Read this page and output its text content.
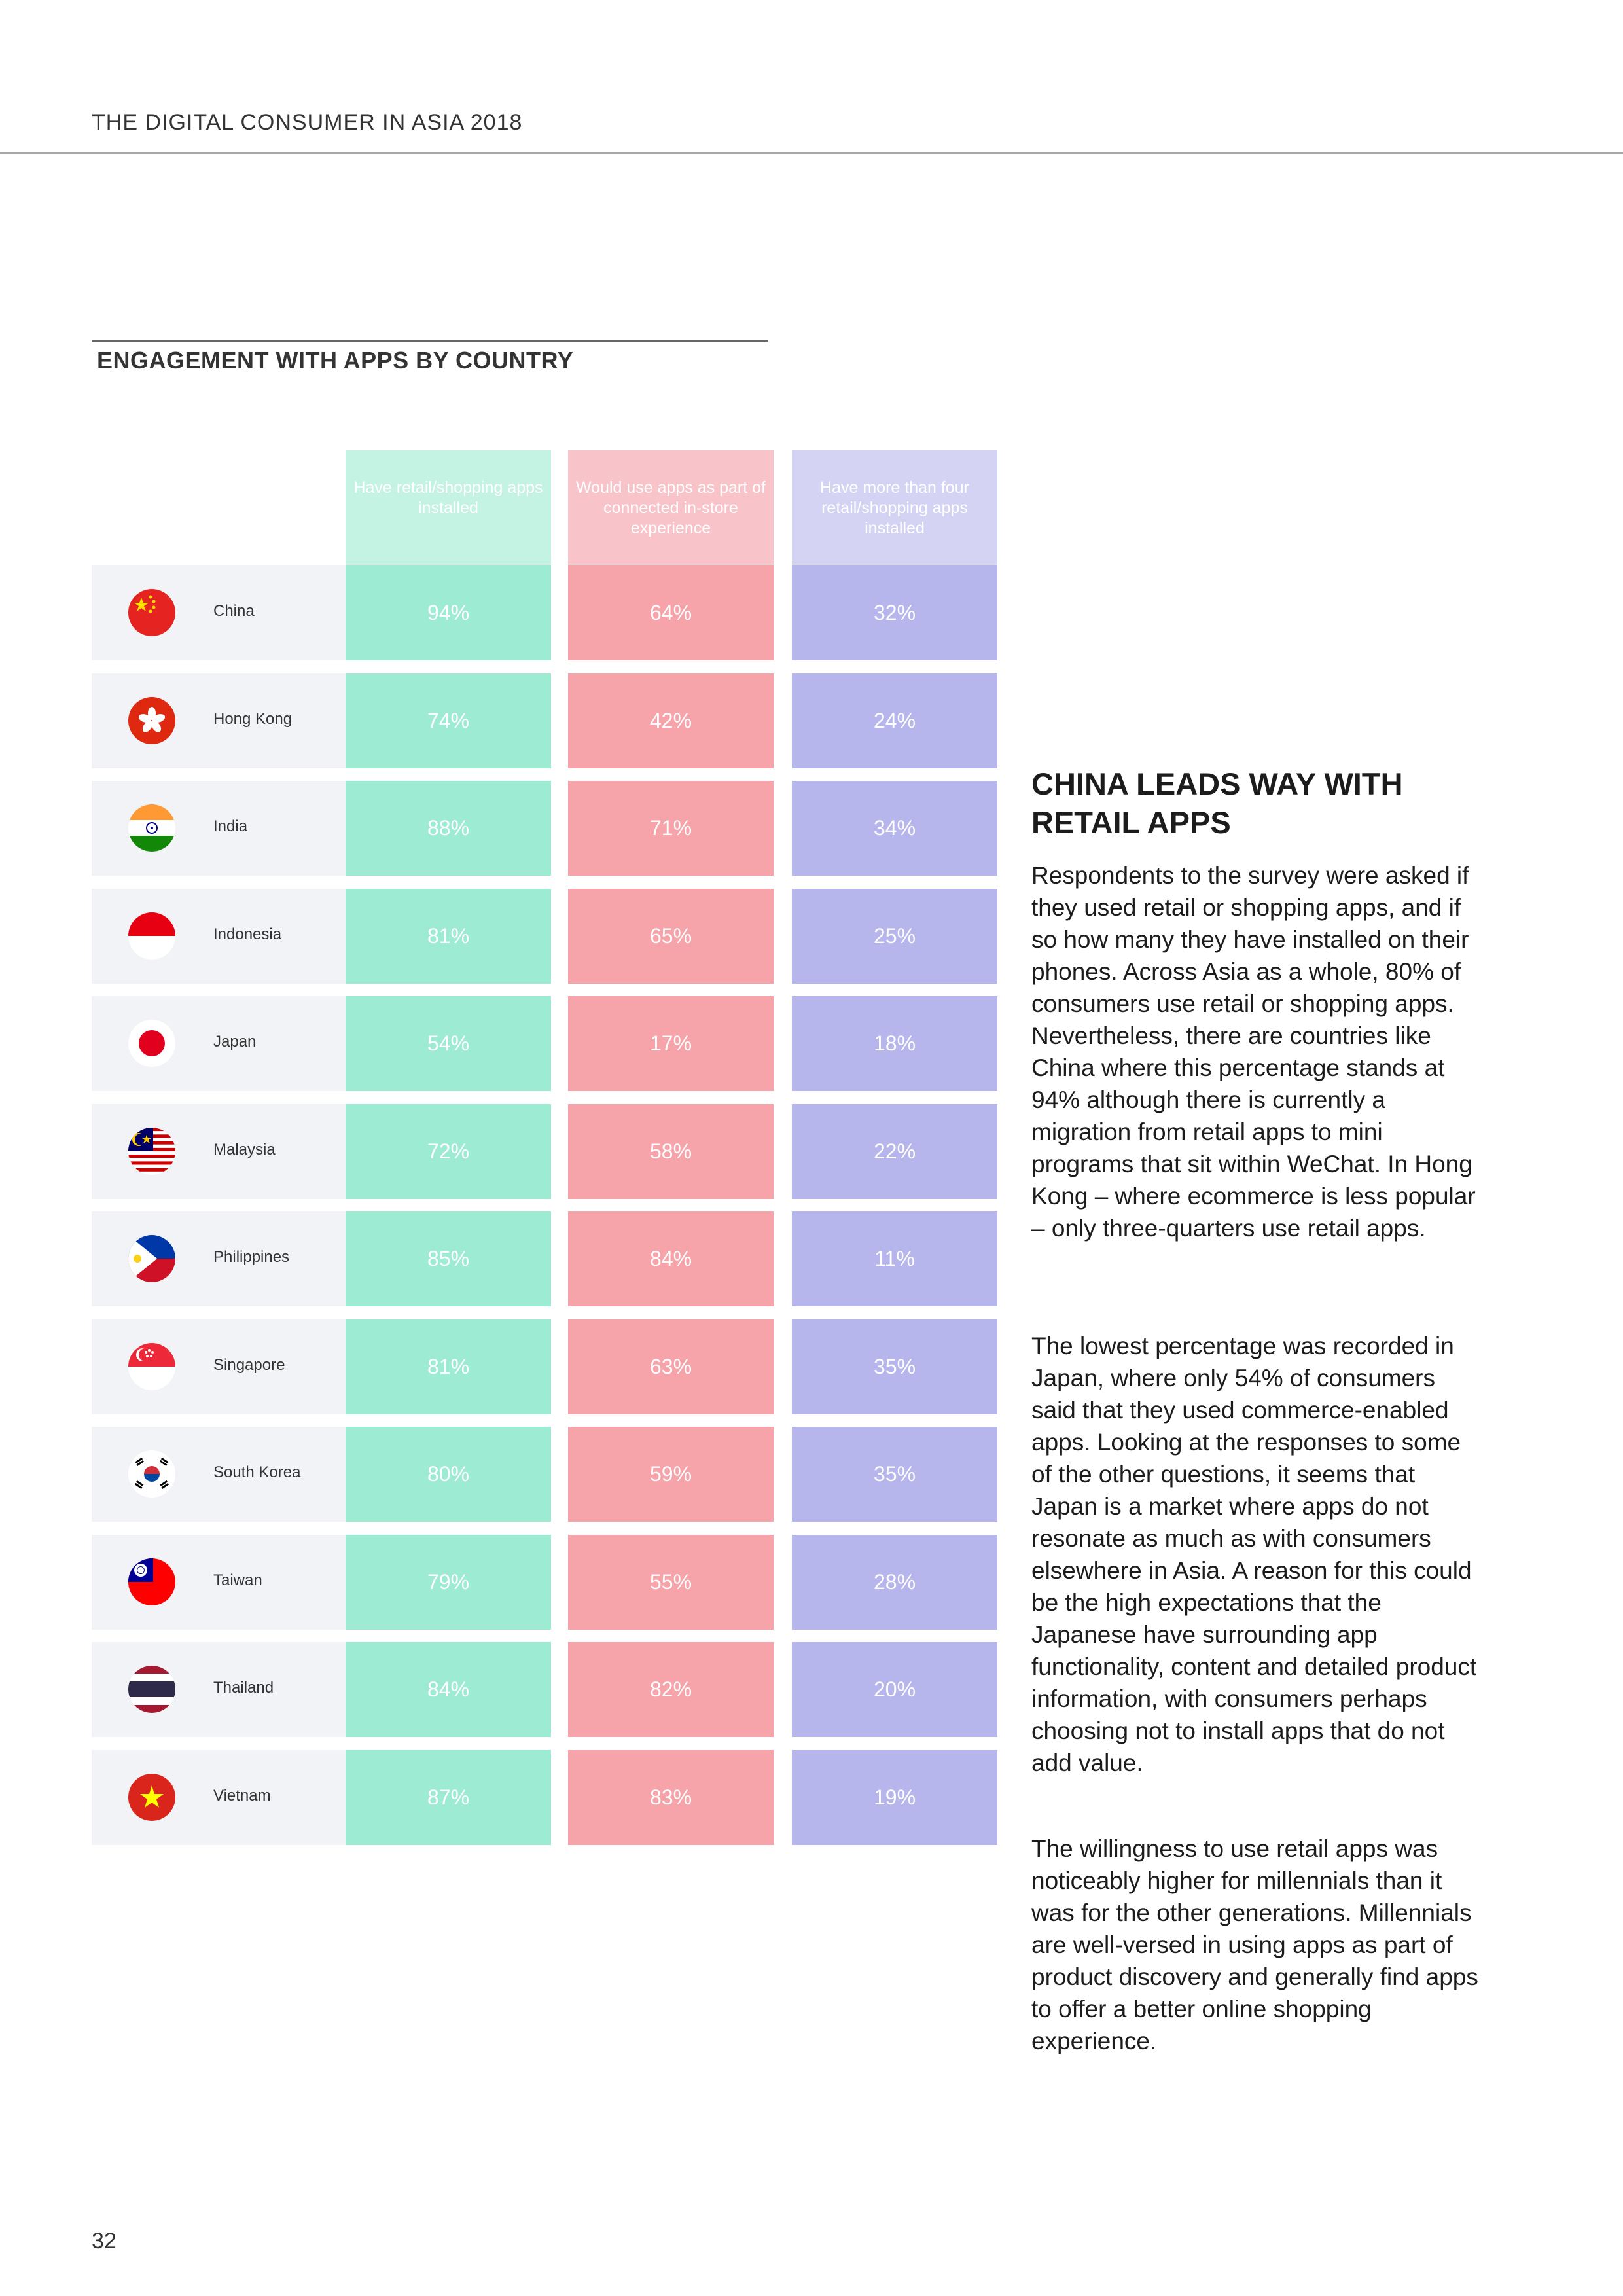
THE DIGITAL CONSUMER IN ASIA 2018
ENGAGEMENT WITH APPS BY COUNTRY
Have retail/shopping apps installed
Would use apps as part of connected in-store experience
Have more than four retail/shopping apps installed
China	94%	64%	32%
Hong Kong	74%	42%	24%
India	88%	71%	34%
Indonesia	81%	65%	25%
Japan	54%	17%	18%
Malaysia	72%	58%	22%
Philippines	85%	84%	11%
Singapore	81%	63%	35%
South Korea	80%	59%	35%
Taiwan	79%	55%	28%
Thailand	84%	82%	20%
Vietnam	87%	83%	19%
CHINA LEADS WAY WITH
RETAIL APPS

Respondents to the survey were asked if they used retail or shopping apps, and if so how many they have installed on their phones. Across Asia as a whole, 80% of consumers use retail or shopping apps. Nevertheless, there are countries like China where this percentage stands at 94% although there is currently a migration from retail apps to mini programs that sit within WeChat. In Hong Kong – where ecommerce is less popular – only three-quarters use retail apps.

The lowest percentage was recorded in Japan, where only 54% of consumers said that they used commerce-enabled apps. Looking at the responses to some of the other questions, it seems that Japan is a market where apps do not resonate as much as with consumers elsewhere in Asia. A reason for this could be the high expectations that the Japanese have surrounding app functionality, content and detailed product information, with consumers perhaps choosing not to install apps that do not add value.

The willingness to use retail apps was noticeably higher for millennials than it was for the other generations. Millennials are well-versed in using apps as part of product discovery and generally find apps to offer a better online shopping experience.

32
